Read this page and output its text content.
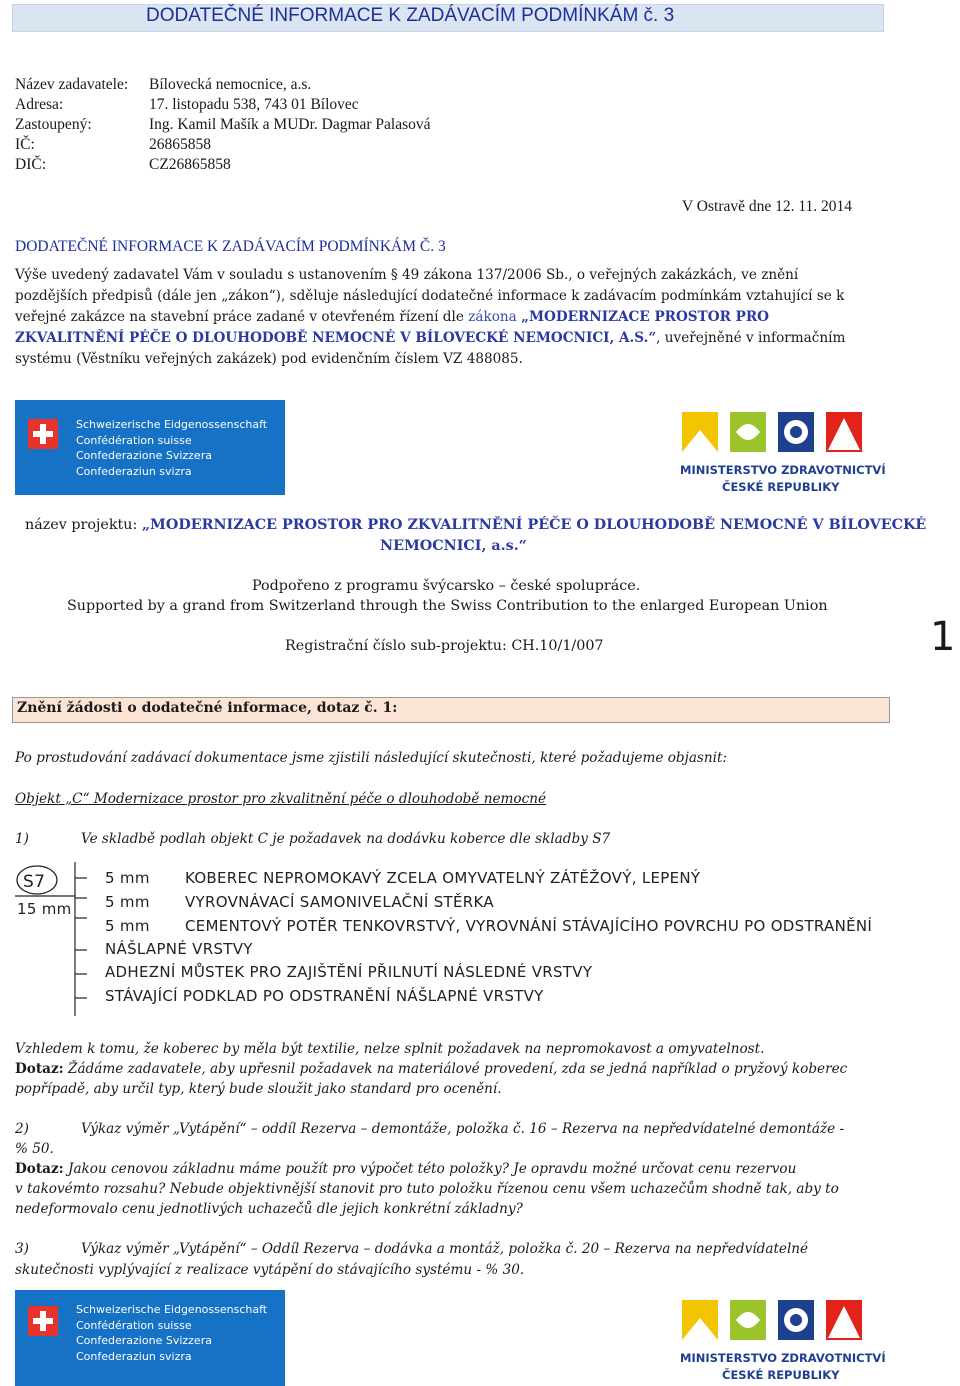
DODATEČNÉ INFORMACE K ZADÁVACÍM PODMÍNKÁM č. 3
Název zadavatele: Bílovecká nemocnice, a.s.
Adresa:	17. listopadu 538, 743 01 Bílovec
Zastoupený:	Ing. Kamil Mašík a MUDr. Dagmar Palasová
IČ:	26865858
DIČ:	CZ26865858
V Ostravě dne 12. 11. 2014
DODATEČNÉ INFORMACE K ZADÁVACÍM PODMÍNKÁM Č. 3
Výše uvedený zadavatel Vám v souladu s ustanovením § 49 zákona 137/2006 Sb., o veřejných zakázkách, ve znění pozdějších předpisů (dále jen „zákon“), sděluje následující dodatečné informace k zadávacím podmínkám vztahující se k veřejné zakázce na stavební práce zadané v otevřeném řízení dle zákona „MODERNIZACE PROSTOR PRO ZKVALITNĚNÍ PÉČE O DLOUHODOBĚ NEMOCNÉ V BÍLOVECKÉ NEMOCNICI, A.S.“, uveřejněné v informačním systému (Věstníku veřejných zakázek) pod evidenčním číslem VZ 488085.
Schweizerische Eidgenossenschaft
Confédération suisse
Confederazione Svizzera
Confederaziun svizra	MINISTERSTVO ZDRAVOTNICTVÍ
ČESKÉ REPUBLIKY
název projektu: „MODERNIZACE PROSTOR PRO ZKVALITNĚNÍ PÉČE O DLOUHODOBĚ NEMOCNÉ V BÍLOVECKÉ
NEMOCNICI, a.s.“
Podpořeno z programu švýcarsko – české spolupráce.
Supported by a grand from Switzerland through the Swiss Contribution to the enlarged European Union
Registrační číslo sub-projektu: CH.10/1/007	1
Znění žádosti o dodatečné informace, dotaz č. 1:
Po prostudování zadávací dokumentace jsme zjistili následující skutečnosti, které požadujeme objasnit:
Objekt „C“ Modernizace prostor pro zkvalitnění péče o dlouhodobě nemocné
1)	Ve skladbě podlah objekt C je požadavek na dodávku koberce dle skladby S7
S7
15 mm
5 mm KOBEREC NEPROMOKAVÝ ZCELA OMYVATELNÝ ZÁTĚŽOVÝ, LEPENÝ
5 mm VYROVNÁVACÍ SAMONIVELAČNÍ STĚRKA
5 mm CEMENTOVÝ POTĚR TENKOVRSTVÝ, VYROVNÁNÍ STÁVAJÍCÍHO POVRCHU PO ODSTRANĚNÍ
NÁŠLAPNÉ VRSTVY
ADHEZNÍ MŮSTEK PRO ZAJIŠTĚNÍ PŘILNUTÍ NÁSLEDNÉ VRSTVY
STÁVAJÍCÍ PODKLAD PO ODSTRANĚNÍ NÁŠLAPNÉ VRSTVY
Vzhledem k tomu, že koberec by měla být textilie, nelze splnit požadavek na nepromokavost a omyvatelnost.
Dotaz: Žádáme zadavatele, aby upřesnil požadavek na materiálové provedení, zda se jedná například o pryžový koberec
popřípadě, aby určil typ, který bude sloužit jako standard pro ocenění.
2)	Výkaz výměr „Vytápění“ – oddíl Rezerva – demontáže, položka č. 16 – Rezerva na nepředvídatelné demontáže -
% 50.
Dotaz: Jakou cenovou základnu máme použít pro výpočet této položky? Je opravdu možné určovat cenu rezervou
v takovémto rozsahu? Nebude objektivnější stanovit pro tuto položku řízenou cenu všem uchazečům shodně tak, aby to
nedeformovalo cenu jednotlivých uchazečů dle jejich konkrétní základny?
3)	Výkaz výměr „Vytápění“ – Oddíl Rezerva – dodávka a montáž, položka č. 20 – Rezerva na nepředvídatelné
skutečnosti vyplývající z realizace vytápění do stávajícího systému - % 30.
Schweizerische Eidgenossenschaft
Confédération suisse
Confederazione Svizzera
Confederaziun svizra	MINISTERSTVO ZDRAVOTNICTVÍ
ČESKÉ REPUBLIKY
